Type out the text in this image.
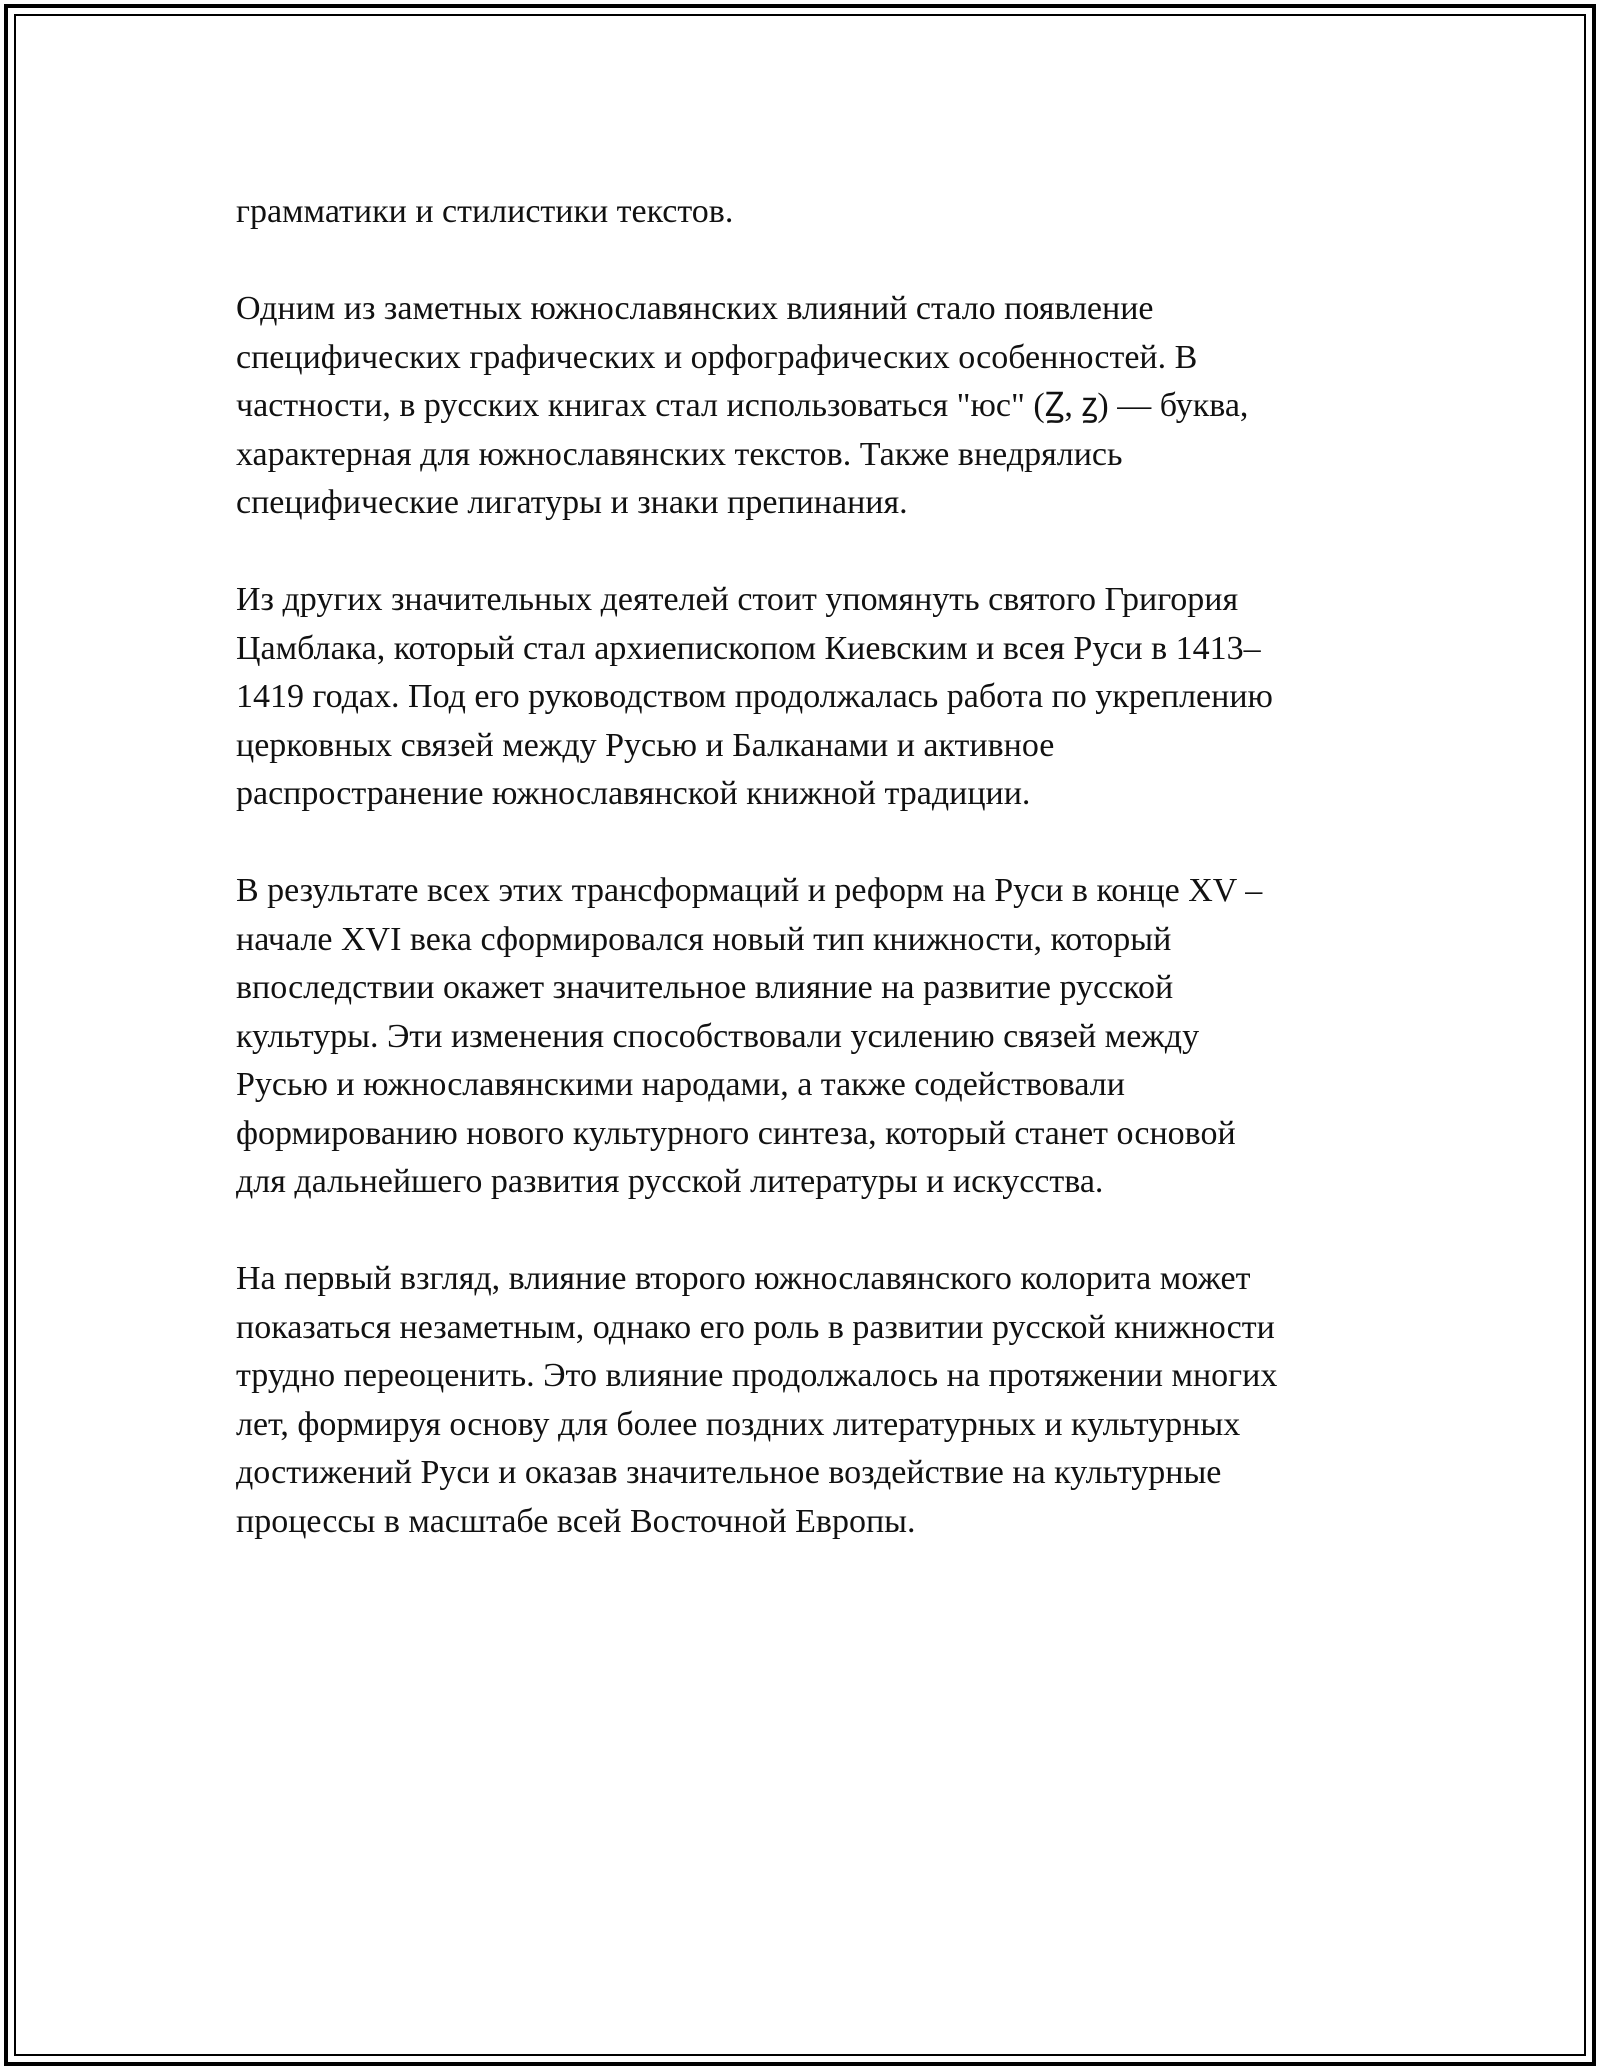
грамматики и стилистики текстов.

Одним из заметных южнославянских влияний стало появление
специфических графических и орфографических особенностей. В
частности, в русских книгах стал использоваться "юс" (Ꙁ, ꙁ) — буква,
характерная для южнославянских текстов. Также внедрялись
специфические лигатуры и знаки препинания.

Из других значительных деятелей стоит упомянуть святого Григория
Цамблака, который стал архиепископом Киевским и всея Руси в 1413–
1419 годах. Под его руководством продолжалась работа по укреплению
церковных связей между Русью и Балканами и активное
распространение южнославянской книжной традиции.

В результате всех этих трансформаций и реформ на Руси в конце XV –
начале XVI века сформировался новый тип книжности, который
впоследствии окажет значительное влияние на развитие русской
культуры. Эти изменения способствовали усилению связей между
Русью и южнославянскими народами, а также содействовали
формированию нового культурного синтеза, который станет основой
для дальнейшего развития русской литературы и искусства.

На первый взгляд, влияние второго южнославянского колорита может
показаться незаметным, однако его роль в развитии русской книжности
трудно переоценить. Это влияние продолжалось на протяжении многих
лет, формируя основу для более поздних литературных и культурных
достижений Руси и оказав значительное воздействие на культурные
процессы в масштабе всей Восточной Европы.
